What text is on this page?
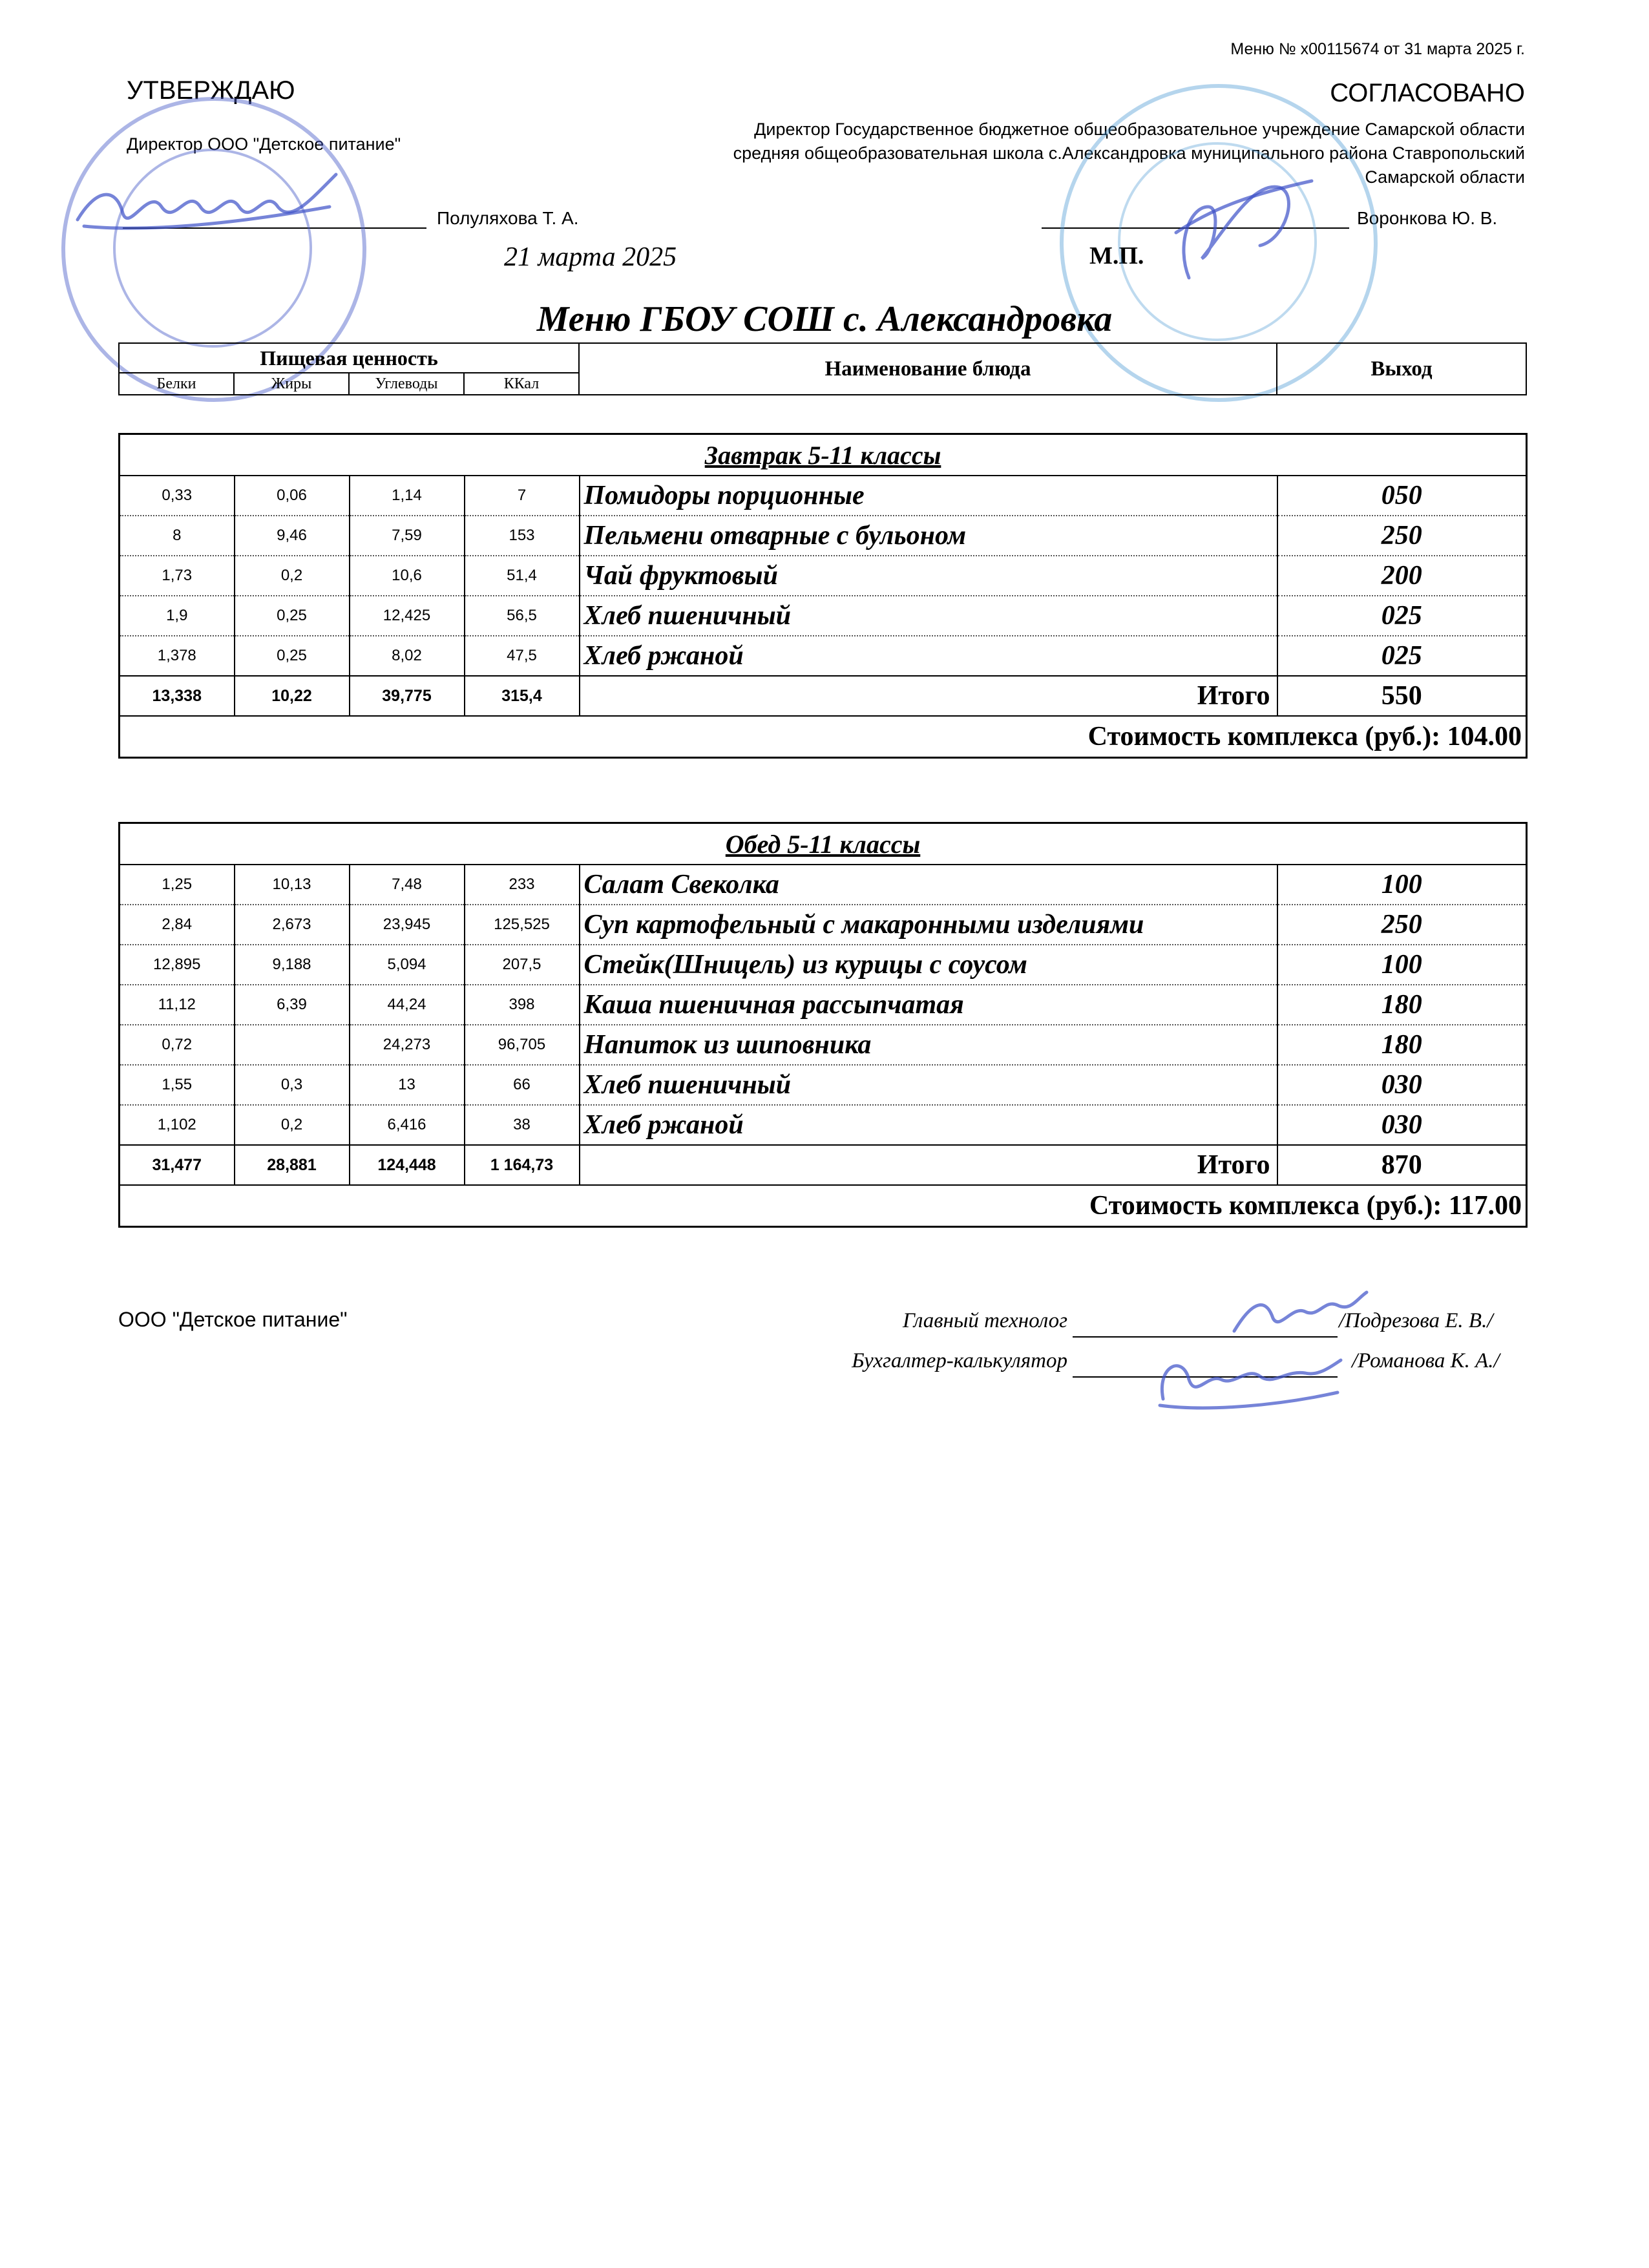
Меню № х00115674 от 31 марта 2025 г.
УТВЕРЖДАЮ
Директор ООО "Детское питание"
Полуляхова Т. А.
21 марта 2025
СОГЛАСОВАНО
Директор Государственное бюджетное общеобразовательное учреждение Самарской области средняя общеобразовательная школа с.Александровка муниципального района Ставропольский Самарской области
Воронкова Ю. В.
М.П.
Меню ГБОУ СОШ с. Александровка
Пищевая ценность				Наименование блюда	Выход
Белки	Жиры	Углеводы	ККал		
Завтрак 5-11 классы					
0,33	0,06	1,14	7	Помидоры порционные	050
8	9,46	7,59	153	Пельмени отварные с бульоном	250
1,73	0,2	10,6	51,4	Чай фруктовый	200
1,9	0,25	12,425	56,5	Хлеб пшеничный	025
1,378	0,25	8,02	47,5	Хлеб ржаной	025
13,338	10,22	39,775	315,4	Итого	550
Стоимость комплекса (руб.): 104.00					
Обед 5-11 классы					
1,25	10,13	7,48	233	Салат Свеколка	100
2,84	2,673	23,945	125,525	Суп картофельный с макаронными изделиями	250
12,895	9,188	5,094	207,5	Стейк(Шницель) из курицы с соусом	100
11,12	6,39	44,24	398	Каша пшеничная рассыпчатая	180
0,72		24,273	96,705	Напиток из шиповника	180
1,55	0,3	13	66	Хлеб пшеничный	030
1,102	0,2	6,416	38	Хлеб ржаной	030
31,477	28,881	124,448	1 164,73	Итого	870
Стоимость комплекса (руб.): 117.00					
ООО "Детское питание"	Главный технолог	/Подрезова Е. В./
Бухгалтер-калькулятор	/Романова К. А./
